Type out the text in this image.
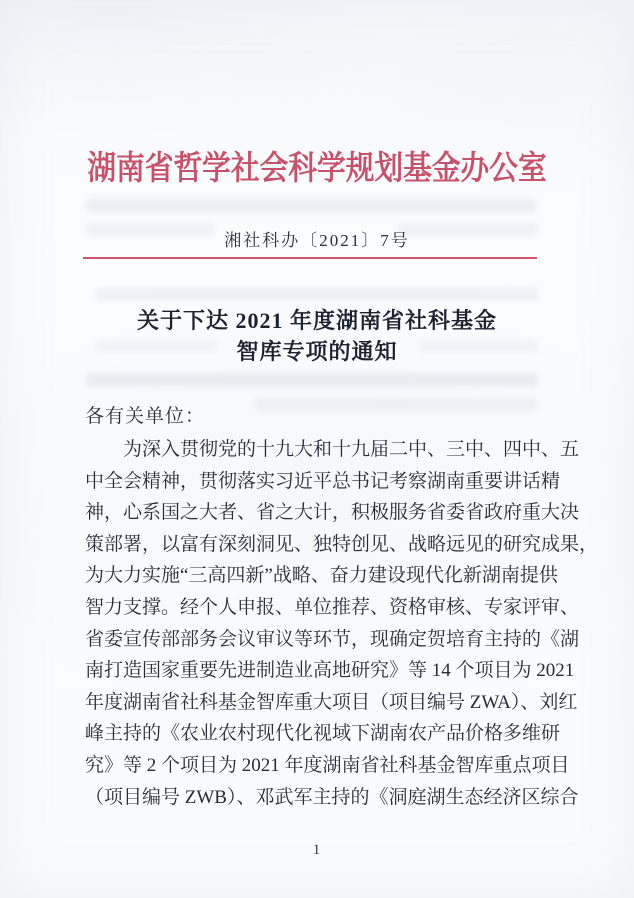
湖南省哲学社会科学规划基金办公室
湘社科办〔2021〕7号
关于下达 2021 年度湖南省社科基金
智库专项的通知
各有关单位：
为深入贯彻党的十九大和十九届二中、三中、四中、五
中全会精神，贯彻落实习近平总书记考察湖南重要讲话精
神，心系国之大者、省之大计，积极服务省委省政府重大决
策部署，以富有深刻洞见、独特创见、战略远见的研究成果，
为大力实施“三高四新”战略、奋力建设现代化新湖南提供
智力支撑。经个人申报、单位推荐、资格审核、专家评审、
省委宣传部部务会议审议等环节，现确定贺培育主持的《湖
南打造国家重要先进制造业高地研究》等 14 个项目为 2021
年度湖南省社科基金智库重大项目（项目编号 ZWA）、刘红
峰主持的《农业农村现代化视域下湖南农产品价格多维研
究》等 2 个项目为 2021 年度湖南省社科基金智库重点项目
（项目编号 ZWB）、邓武军主持的《洞庭湖生态经济区综合
1
